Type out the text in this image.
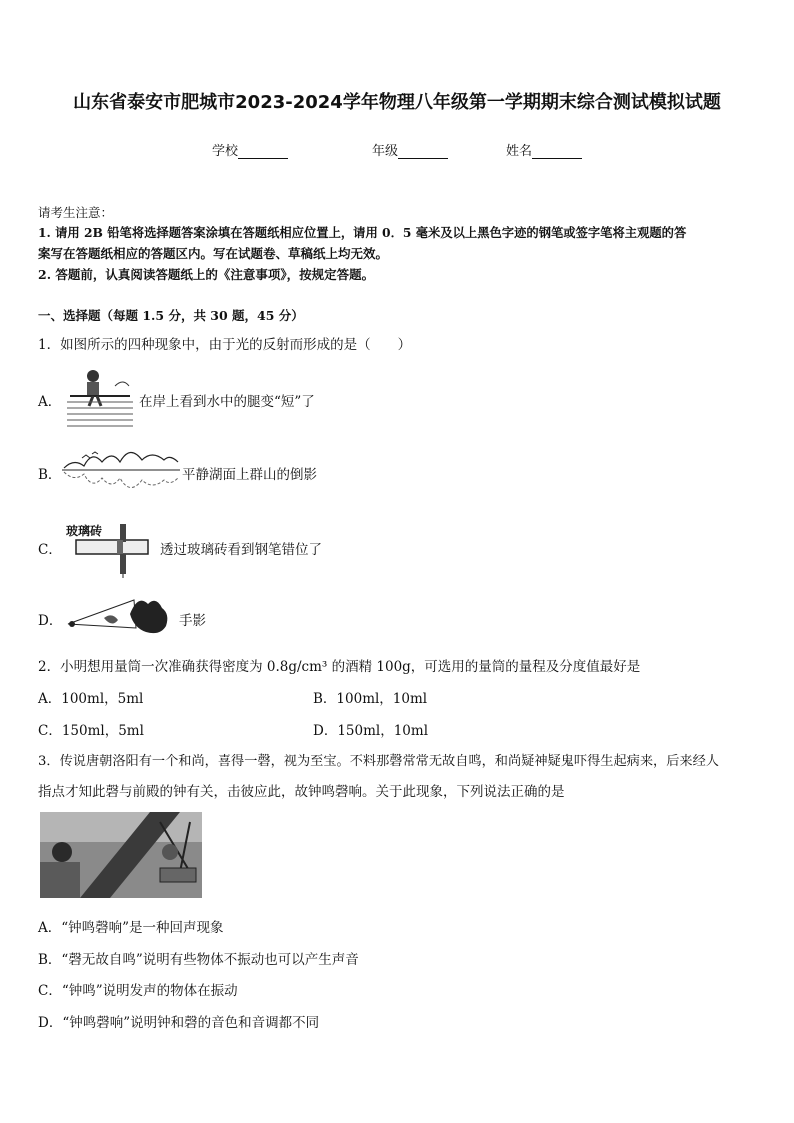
山东省泰安市肥城市2023-2024学年物理八年级第一学期期末综合测试模拟试题
学校	年级	姓名
请考生注意：
1. 请用 2B 铅笔将选择题答案涂填在答题纸相应位置上，请用 0．5 毫米及以上黑色字迹的钢笔或签字笔将主观题的答
案写在答题纸相应的答题区内。写在试题卷、草稿纸上均无效。
2. 答题前，认真阅读答题纸上的《注意事项》，按规定答题。
一、选择题（每题 1.5 分，共 30 题，45 分）
1．如图所示的四种现象中，由于光的反射而形成的是（　　）
A．	在岸上看到水中的腿变“短”了
B．	平静湖面上群山的倒影
C．
玻璃砖
透过玻璃砖看到钢笔错位了
D．	手影
2．小明想用量筒一次准确获得密度为 0.8g/cm³ 的酒精 100g，可选用的量筒的量程及分度值最好是
A．100ml，5ml	B．100ml，10ml
C．150ml，5ml	D．150ml，10ml
3．传说唐朝洛阳有一个和尚，喜得一磬，视为至宝。不料那磬常常无故自鸣，和尚疑神疑鬼吓得生起病来，后来经人
指点才知此磬与前殿的钟有关，击彼应此，故钟鸣磬响。关于此现象，下列说法正确的是
A．“钟鸣磬响”是一种回声现象
B．“磬无故自鸣”说明有些物体不振动也可以产生声音
C．“钟鸣”说明发声的物体在振动
D．“钟鸣磬响”说明钟和磬的音色和音调都不同
